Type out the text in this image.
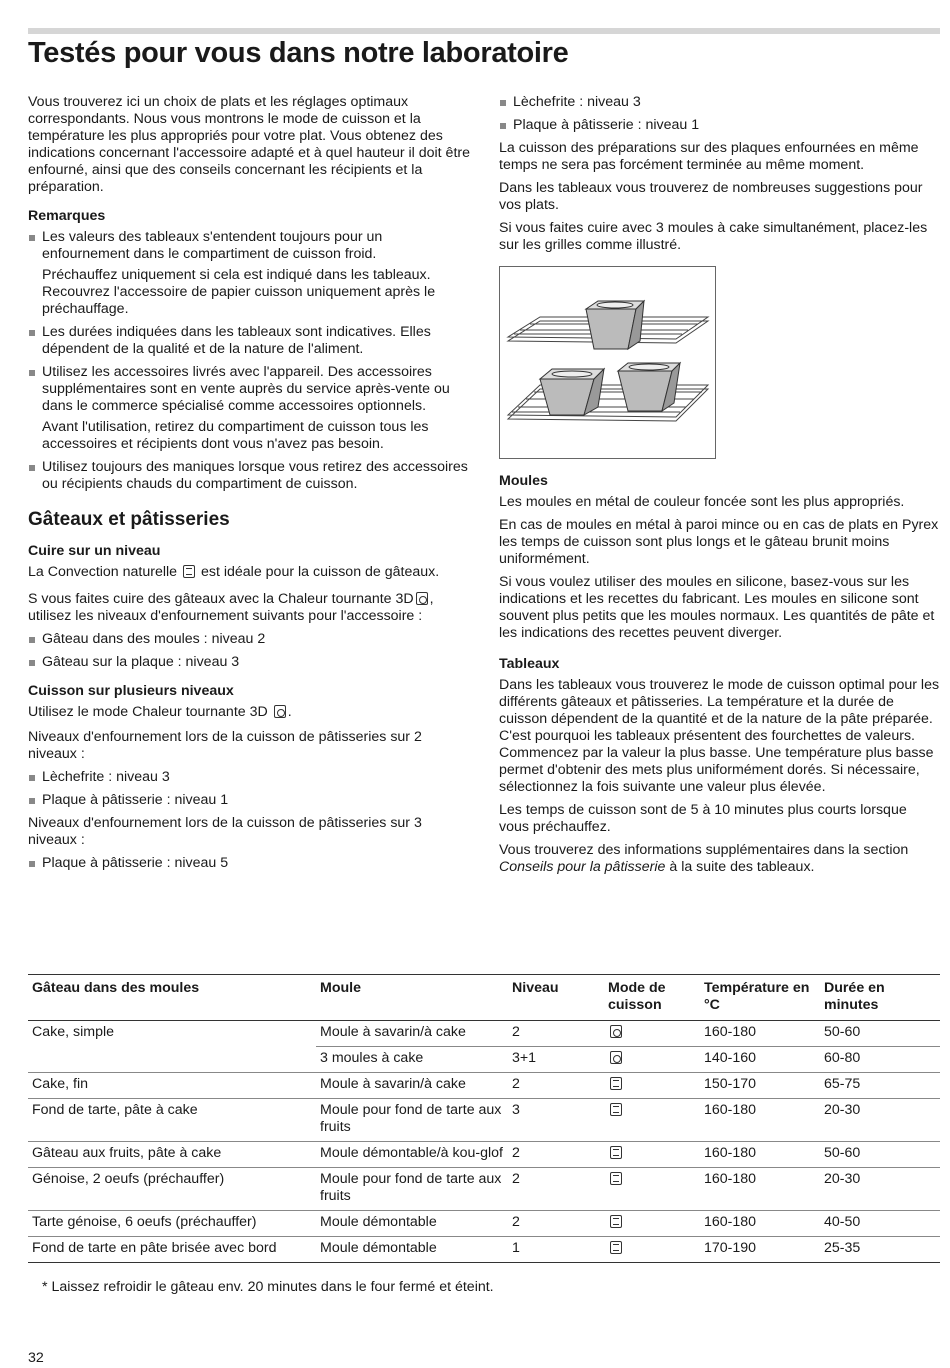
Testés pour vous dans notre laboratoire

Vous trouverez ici un choix de plats et les réglages optimaux correspondants. Nous vous montrons le mode de cuisson et la température les plus appropriés pour votre plat. Vous obtenez des indications concernant l'accessoire adapté et à quel hauteur il doit être enfourné, ainsi que des conseils concernant les récipients et la préparation.

Remarques

Les valeurs des tableaux s'entendent toujours pour un enfournement dans le compartiment de cuisson froid.

Préchauffez uniquement si cela est indiqué dans les tableaux. Recouvrez l'accessoire de papier cuisson uniquement après le préchauffage.

Les durées indiquées dans les tableaux sont indicatives. Elles dépendent de la qualité et de la nature de l'aliment.

Utilisez les accessoires livrés avec l'appareil. Des accessoires supplémentaires sont en vente auprès du service après-vente ou dans le commerce spécialisé comme accessoires optionnels.

Avant l'utilisation, retirez du compartiment de cuisson tous les accessoires et récipients dont vous n'avez pas besoin.

Utilisez toujours des maniques lorsque vous retirez des accessoires ou récipients chauds du compartiment de cuisson.

Gâteaux et pâtisseries
Cuire sur un niveau

La Convection naturelle est idéale pour la cuisson de gâteaux.

S vous faites cuire des gâteaux avec la Chaleur tournante 3D , utilisez les niveaux d'enfournement suivants pour l'accessoire :

Gâteau dans des moules : niveau 2
Gâteau sur la plaque : niveau 3
Cuisson sur plusieurs niveaux

Utilisez le mode Chaleur tournante 3D .

Niveaux d'enfournement lors de la cuisson de pâtisseries sur 2 niveaux :

Lèchefrite : niveau 3
Plaque à pâtisserie : niveau 1

Niveaux d'enfournement lors de la cuisson de pâtisseries sur 3 niveaux :

Plaque à pâtisserie : niveau 5
Lèchefrite : niveau 3
Plaque à pâtisserie : niveau 1

La cuisson des préparations sur des plaques enfournées en même temps ne sera pas forcément terminée au même moment.

Dans les tableaux vous trouverez de nombreuses suggestions pour vos plats.

Si vous faites cuire avec 3 moules à cake simultanément, placez-les sur les grilles comme illustré.

Moules

Les moules en métal de couleur foncée sont les plus appropriés.

En cas de moules en métal à paroi mince ou en cas de plats en Pyrex les temps de cuisson sont plus longs et le gâteau brunit moins uniformément.

Si vous voulez utiliser des moules en silicone, basez-vous sur les indications et les recettes du fabricant. Les moules en silicone sont souvent plus petits que les moules normaux. Les quantités de pâte et les indications des recettes peuvent diverger.

Tableaux

Dans les tableaux vous trouverez le mode de cuisson optimal pour les différents gâteaux et pâtisseries. La température et la durée de cuisson dépendent de la quantité et de la nature de la pâte préparée. C'est pourquoi les tableaux présentent des fourchettes de valeurs. Commencez par la valeur la plus basse. Une température plus basse permet d'obtenir des mets plus uniformément dorés. Si nécessaire, sélectionnez la fois suivante une valeur plus élevée.

Les temps de cuisson sont de 5 à 10 minutes plus courts lorsque vous préchauffez.

Vous trouverez des informations supplémentaires dans la section Conseils pour la pâtisserie à la suite des tableaux.

Gâteau dans des moules	Moule	Niveau	Mode de cuisson	Température en °C	Durée en minutes
Cake, simple	Moule à savarin/à cake	2		160-180	50-60
	3 moules à cake	3+1		140-160	60-80
Cake, fin	Moule à savarin/à cake	2		150-170	65-75
Fond de tarte, pâte à cake	Moule pour fond de tarte aux fruits	3		160-180	20-30
Gâteau aux fruits, pâte à cake	Moule démontable/à kou-glof	2		160-180	50-60
Génoise, 2 oeufs (préchauffer)	Moule pour fond de tarte aux fruits	2		160-180	20-30
Tarte génoise, 6 oeufs (préchauffer)	Moule démontable	2		160-180	40-50
Fond de tarte en pâte brisée avec bord	Moule démontable	1		170-190	25-35
* Laissez refroidir le gâteau env. 20 minutes dans le four fermé et éteint.
32
